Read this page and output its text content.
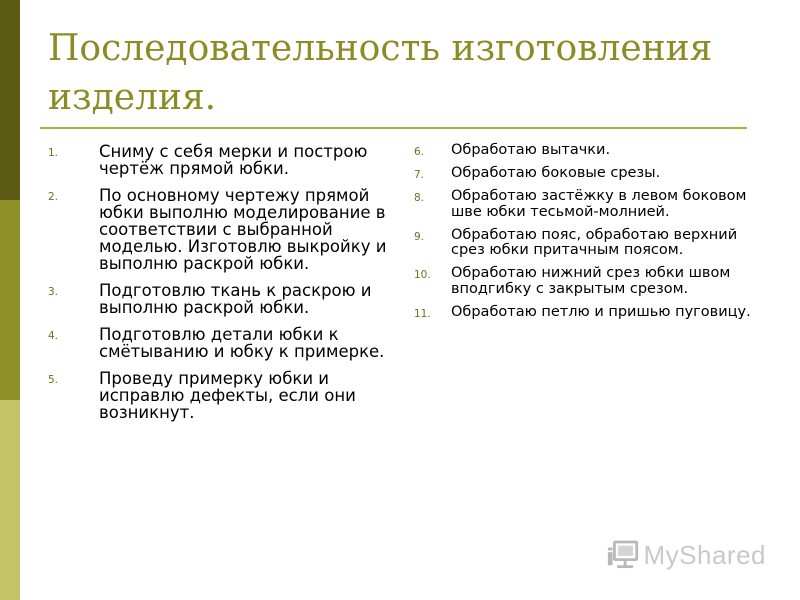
Последовательность изготовления изделия.
1. Сниму с себя мерки и построю чертёж прямой юбки.
2. По основному чертежу прямой юбки выполню моделирование в соответствии с выбранной моделью. Изготовлю выкройку и выполню раскрой юбки.
3. Подготовлю ткань к раскрою и выполню раскрой юбки.
4. Подготовлю детали юбки к смётыванию и юбку к примерке.
5. Проведу примерку юбки и исправлю дефекты, если они возникнут.
6. Обработаю вытачки.
7. Обработаю боковые срезы.
8. Обработаю застёжку в левом боковом шве юбки тесьмой-молнией.
9. Обработаю пояс, обработаю верхний срез юбки притачным поясом.
10. Обработаю нижний срез юбки швом вподгибку с закрытым срезом.
11. Обработаю петлю и пришью пуговицу.
MyShared
